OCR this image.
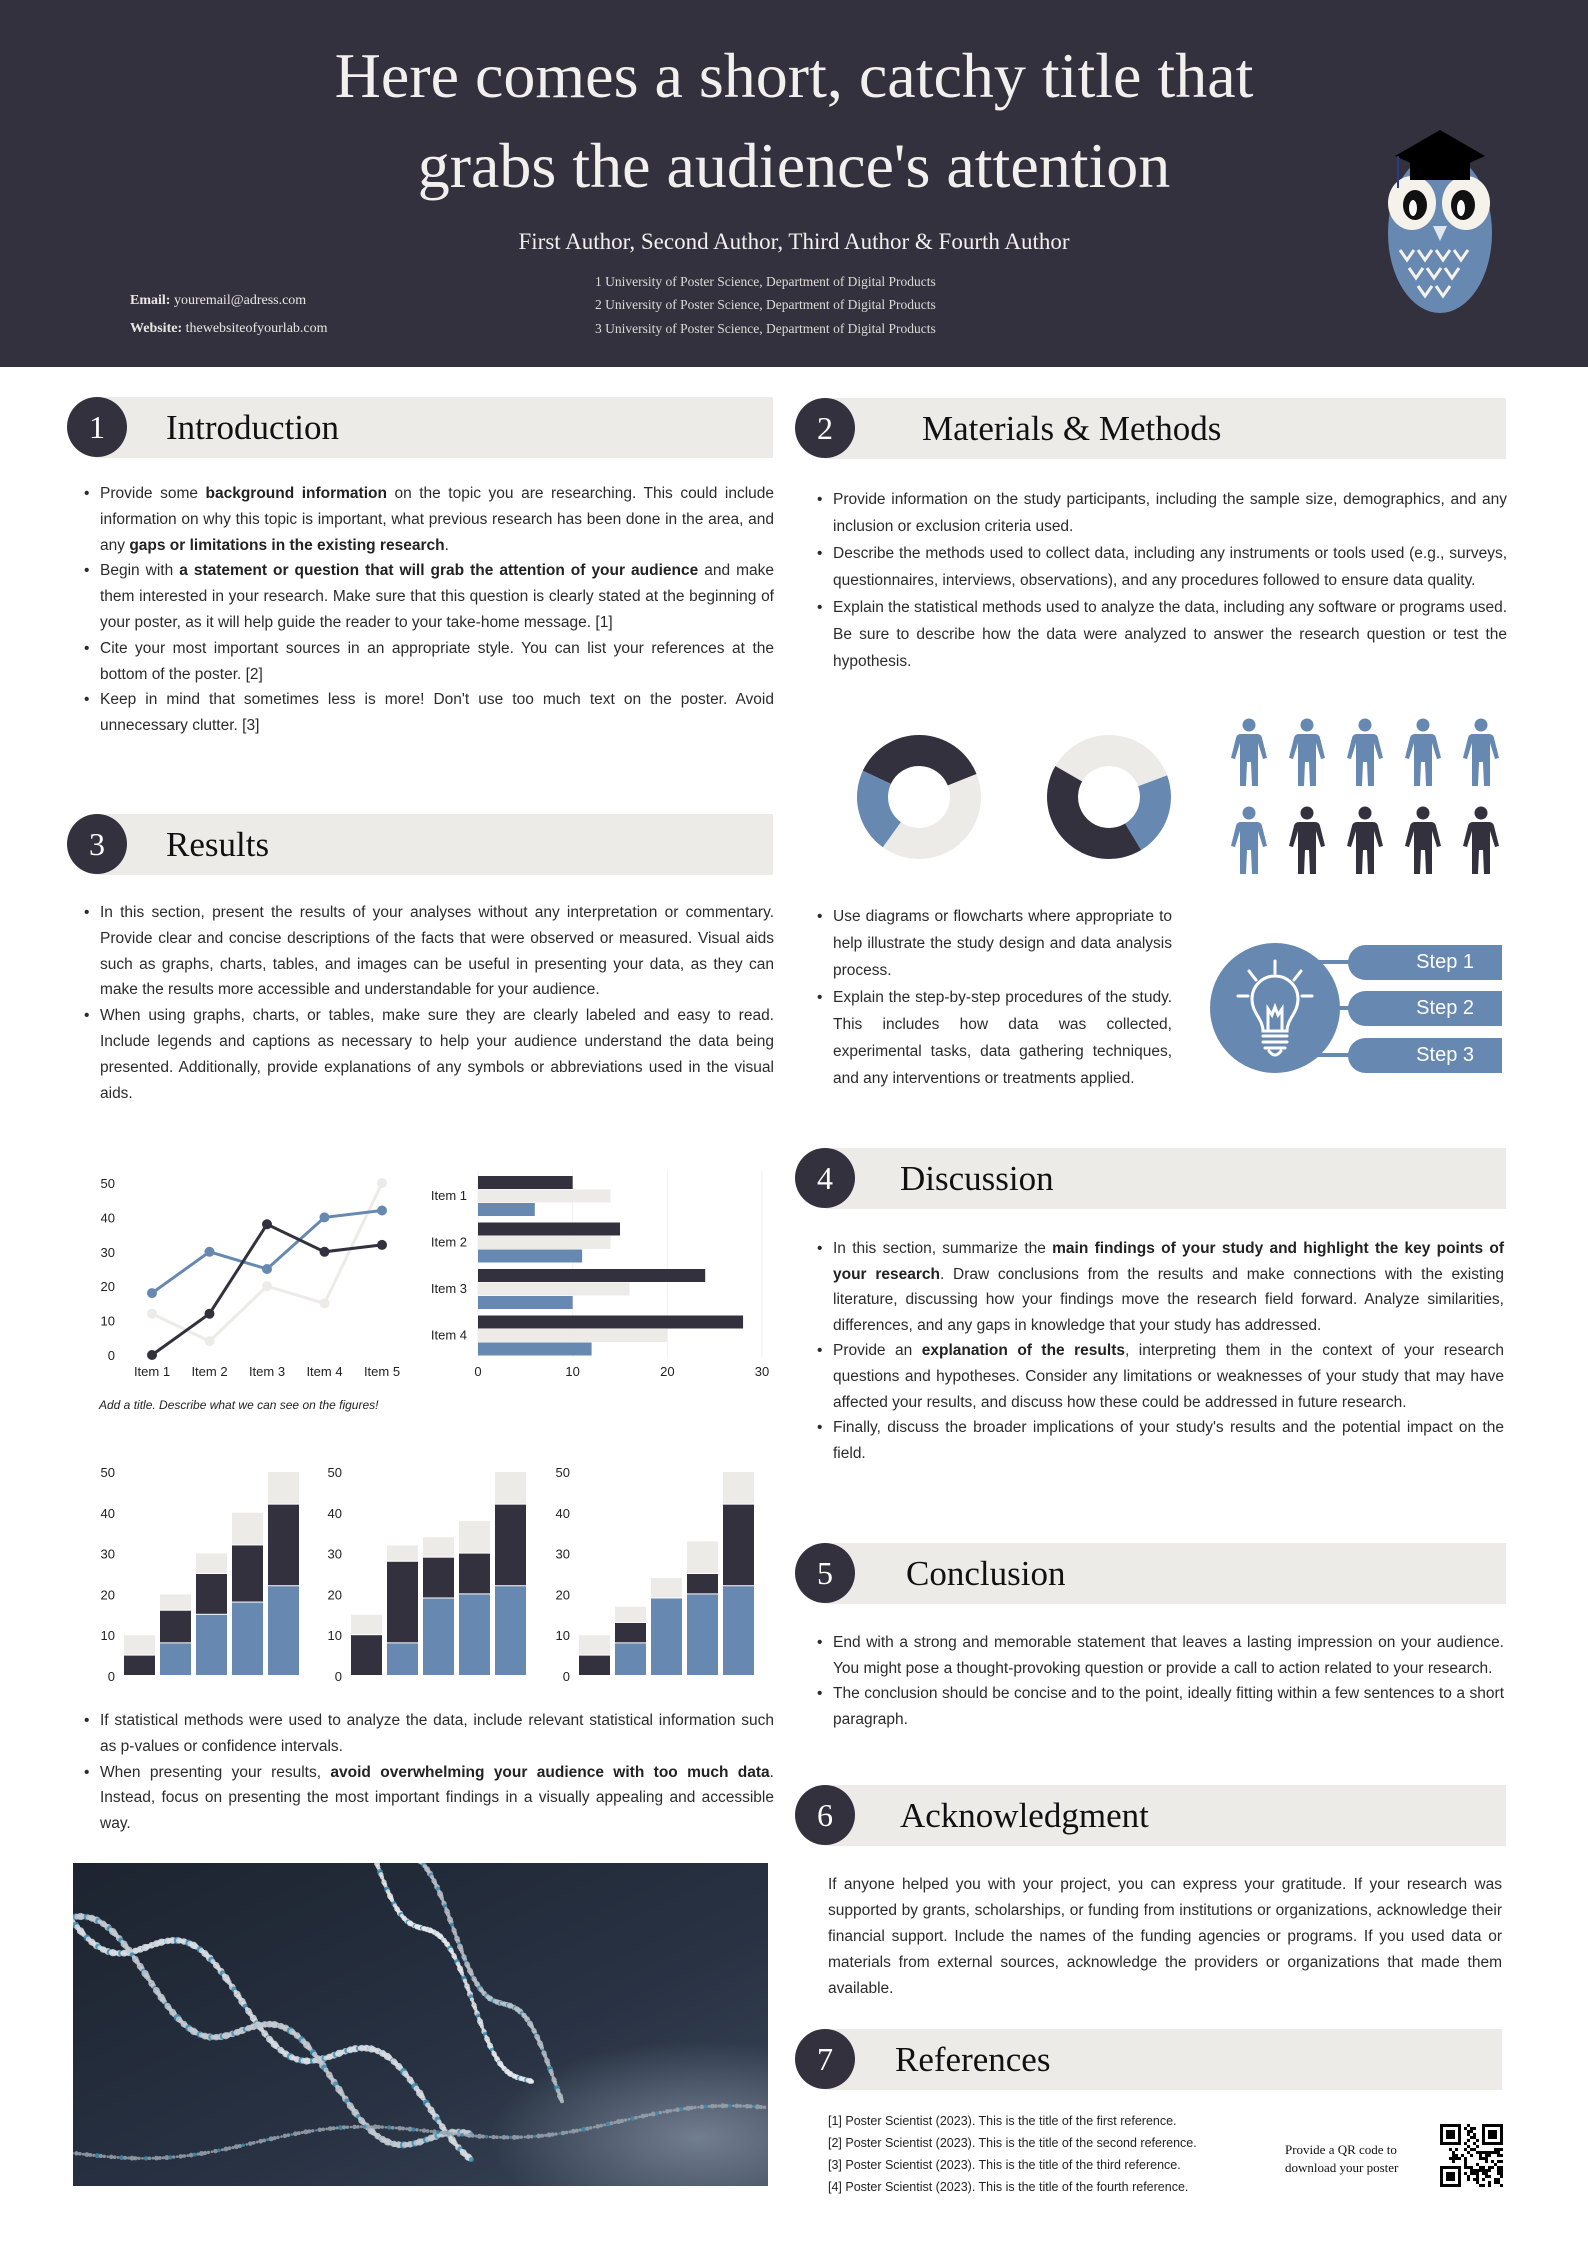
Here comes a short, catchy title that
grabs the audience's attention
First Author, Second Author, Third Author & Fourth Author
Email: youremail@adress.com
Website: thewebsiteofyourlab.com
1 University of Poster Science, Department of Digital Products
2 University of Poster Science, Department of Digital Products
3 University of Poster Science, Department of Digital Products
1	Introduction
3	Results
2	Materials & Methods
4	Discussion
5	Conclusion
6	Acknowledgment
7	References
• Provide some background information on the topic you are researching. This could include information on why this topic is important, what previous research has been done in the area, and any gaps or limitations in the existing research.
• Begin with a statement or question that will grab the attention of your audience and make them interested in your research. Make sure that this question is clearly stated at the beginning of your poster, as it will help guide the reader to your take-home message. [1]
• Cite your most important sources in an appropriate style. You can list your references at the bottom of the poster. [2]
• Keep in mind that sometimes less is more! Don't use too much text on the poster. Avoid unnecessary clutter. [3]
• In this section, present the results of your analyses without any interpretation or commentary. Provide clear and concise descriptions of the facts that were observed or measured. Visual aids such as graphs, charts, tables, and images can be useful in presenting your data, as they can make the results more accessible and understandable for your audience.
• When using graphs, charts, or tables, make sure they are clearly labeled and easy to read. Include legends and captions as necessary to help your audience understand the data being presented. Additionally, provide explanations of any symbols or abbreviations used in the visual aids.
Add a title. Describe what we can see on the figures!
• If statistical methods were used to analyze the data, include relevant statistical information such as p-values or confidence intervals.
• When presenting your results, avoid overwhelming your audience with too much data. Instead, focus on presenting the most important findings in a visually appealing and accessible way.
• Provide information on the study participants, including the sample size, demographics, and any inclusion or exclusion criteria used.
• Describe the methods used to collect data, including any instruments or tools used (e.g., surveys, questionnaires, interviews, observations), and any procedures followed to ensure data quality.
• Explain the statistical methods used to analyze the data, including any software or programs used. Be sure to describe how the data were analyzed to answer the research question or test the hypothesis.
• Use diagrams or flowcharts where appropriate to help illustrate the study design and data analysis process.
• Explain the step-by-step procedures of the study. This includes how data was collected, experimental tasks, data gathering techniques, and any interventions or treatments applied.
• In this section, summarize the main findings of your study and highlight the key points of your research. Draw conclusions from the results and make connections with the existing literature, discussing how your findings move the research field forward. Analyze similarities, differences, and any gaps in knowledge that your study has addressed.
• Provide an explanation of the results, interpreting them in the context of your research questions and hypotheses. Consider any limitations or weaknesses of your study that may have affected your results, and discuss how these could be addressed in future research.
• Finally, discuss the broader implications of your study's results and the potential impact on the field.
• End with a strong and memorable statement that leaves a lasting impression on your audience. You might pose a thought-provoking question or provide a call to action related to your research.
• The conclusion should be concise and to the point, ideally fitting within a few sentences to a short paragraph.
If anyone helped you with your project, you can express your gratitude. If your research was supported by grants, scholarships, or funding from institutions or organizations, acknowledge their financial support. Include the names of the funding agencies or programs. If you used data or materials from external sources, acknowledge the providers or organizations that made them available.
[1] Poster Scientist (2023). This is the title of the first reference.
[2] Poster Scientist (2023). This is the title of the second reference.
[3] Poster Scientist (2023). This is the title of the third reference.
[4] Poster Scientist (2023). This is the title of the fourth reference.
Provide a QR code to
download your poster
Step 1
Step 2
Step 3
0
10
20
30
40
50
Item 1 Item 2 Item 3 Item 4 Item 5	0	10	20	30
Item 1
Item 2
Item 3
Item 4
0
10
20
30
40
50
0
10
20
30
40
50
0
10
20
30
40
50
